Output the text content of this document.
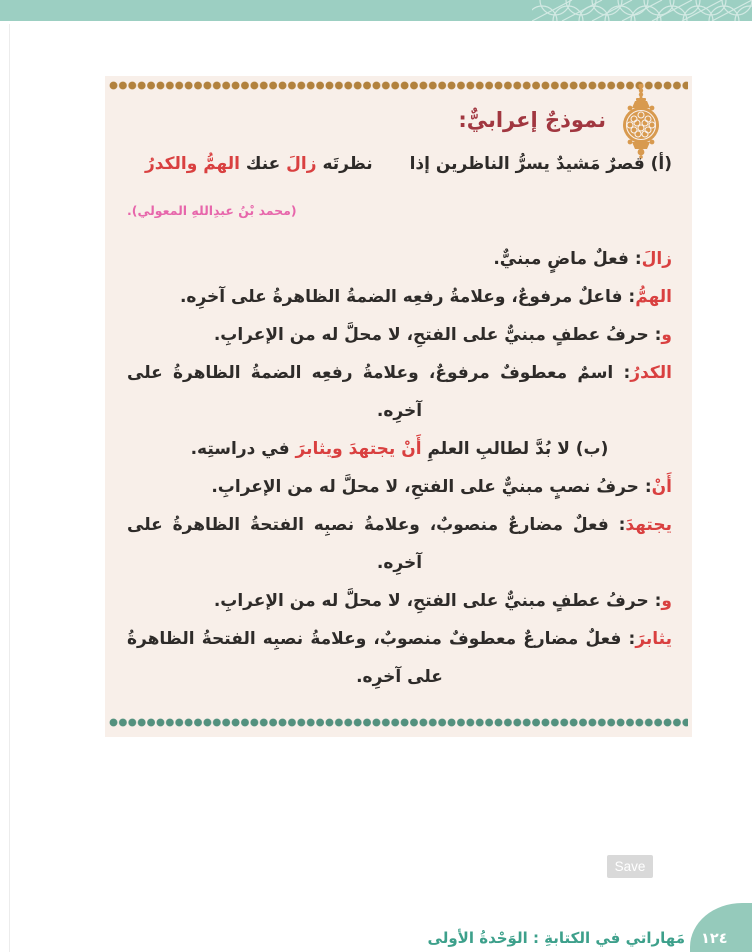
نموذجٌ إعرابيٌّ:
(أ) قصرٌ مَشيدٌ يسرُّ الناظرين إذا
نظرتَه زالَ عنك الهمُّ والكدرُ
(محمد بْنُ عبدِاللهِ المعولي).
زالَ: فعلٌ ماضٍ مبنيٌّ.
الهمُّ: فاعلٌ مرفوعٌ، وعلامةُ رفعِه الضمةُ الظاهرةُ على آخرِه.
و: حرفُ عطفٍ مبنيٌّ على الفتحِ، لا محلَّ له من الإعرابِ.
الكدرُ: اسمٌ معطوفٌ مرفوعٌ، وعلامةُ رفعِه الضمةُ الظاهرةُ على آخرِه.
(ب) لا بُدَّ لطالبِ العلمِ أَنْ يجتهدَ ويثابرَ في دراستِه.
أَنْ: حرفُ نصبٍ مبنيٌّ على الفتحِ، لا محلَّ له من الإعرابِ.
يجتهدَ: فعلٌ مضارعٌ منصوبٌ، وعلامةُ نصبِه الفتحةُ الظاهرةُ على آخرِه.
و: حرفُ عطفٍ مبنيٌّ على الفتحِ، لا محلَّ له من الإعرابِ.
يثابرَ: فعلٌ مضارعٌ معطوفٌ منصوبٌ، وعلامةُ نصبِه الفتحةُ الظاهرةُ على آخرِه.
Save
مَهاراتي في الكتابةِ : الوَحْدةُ الأولى ١٢٤
